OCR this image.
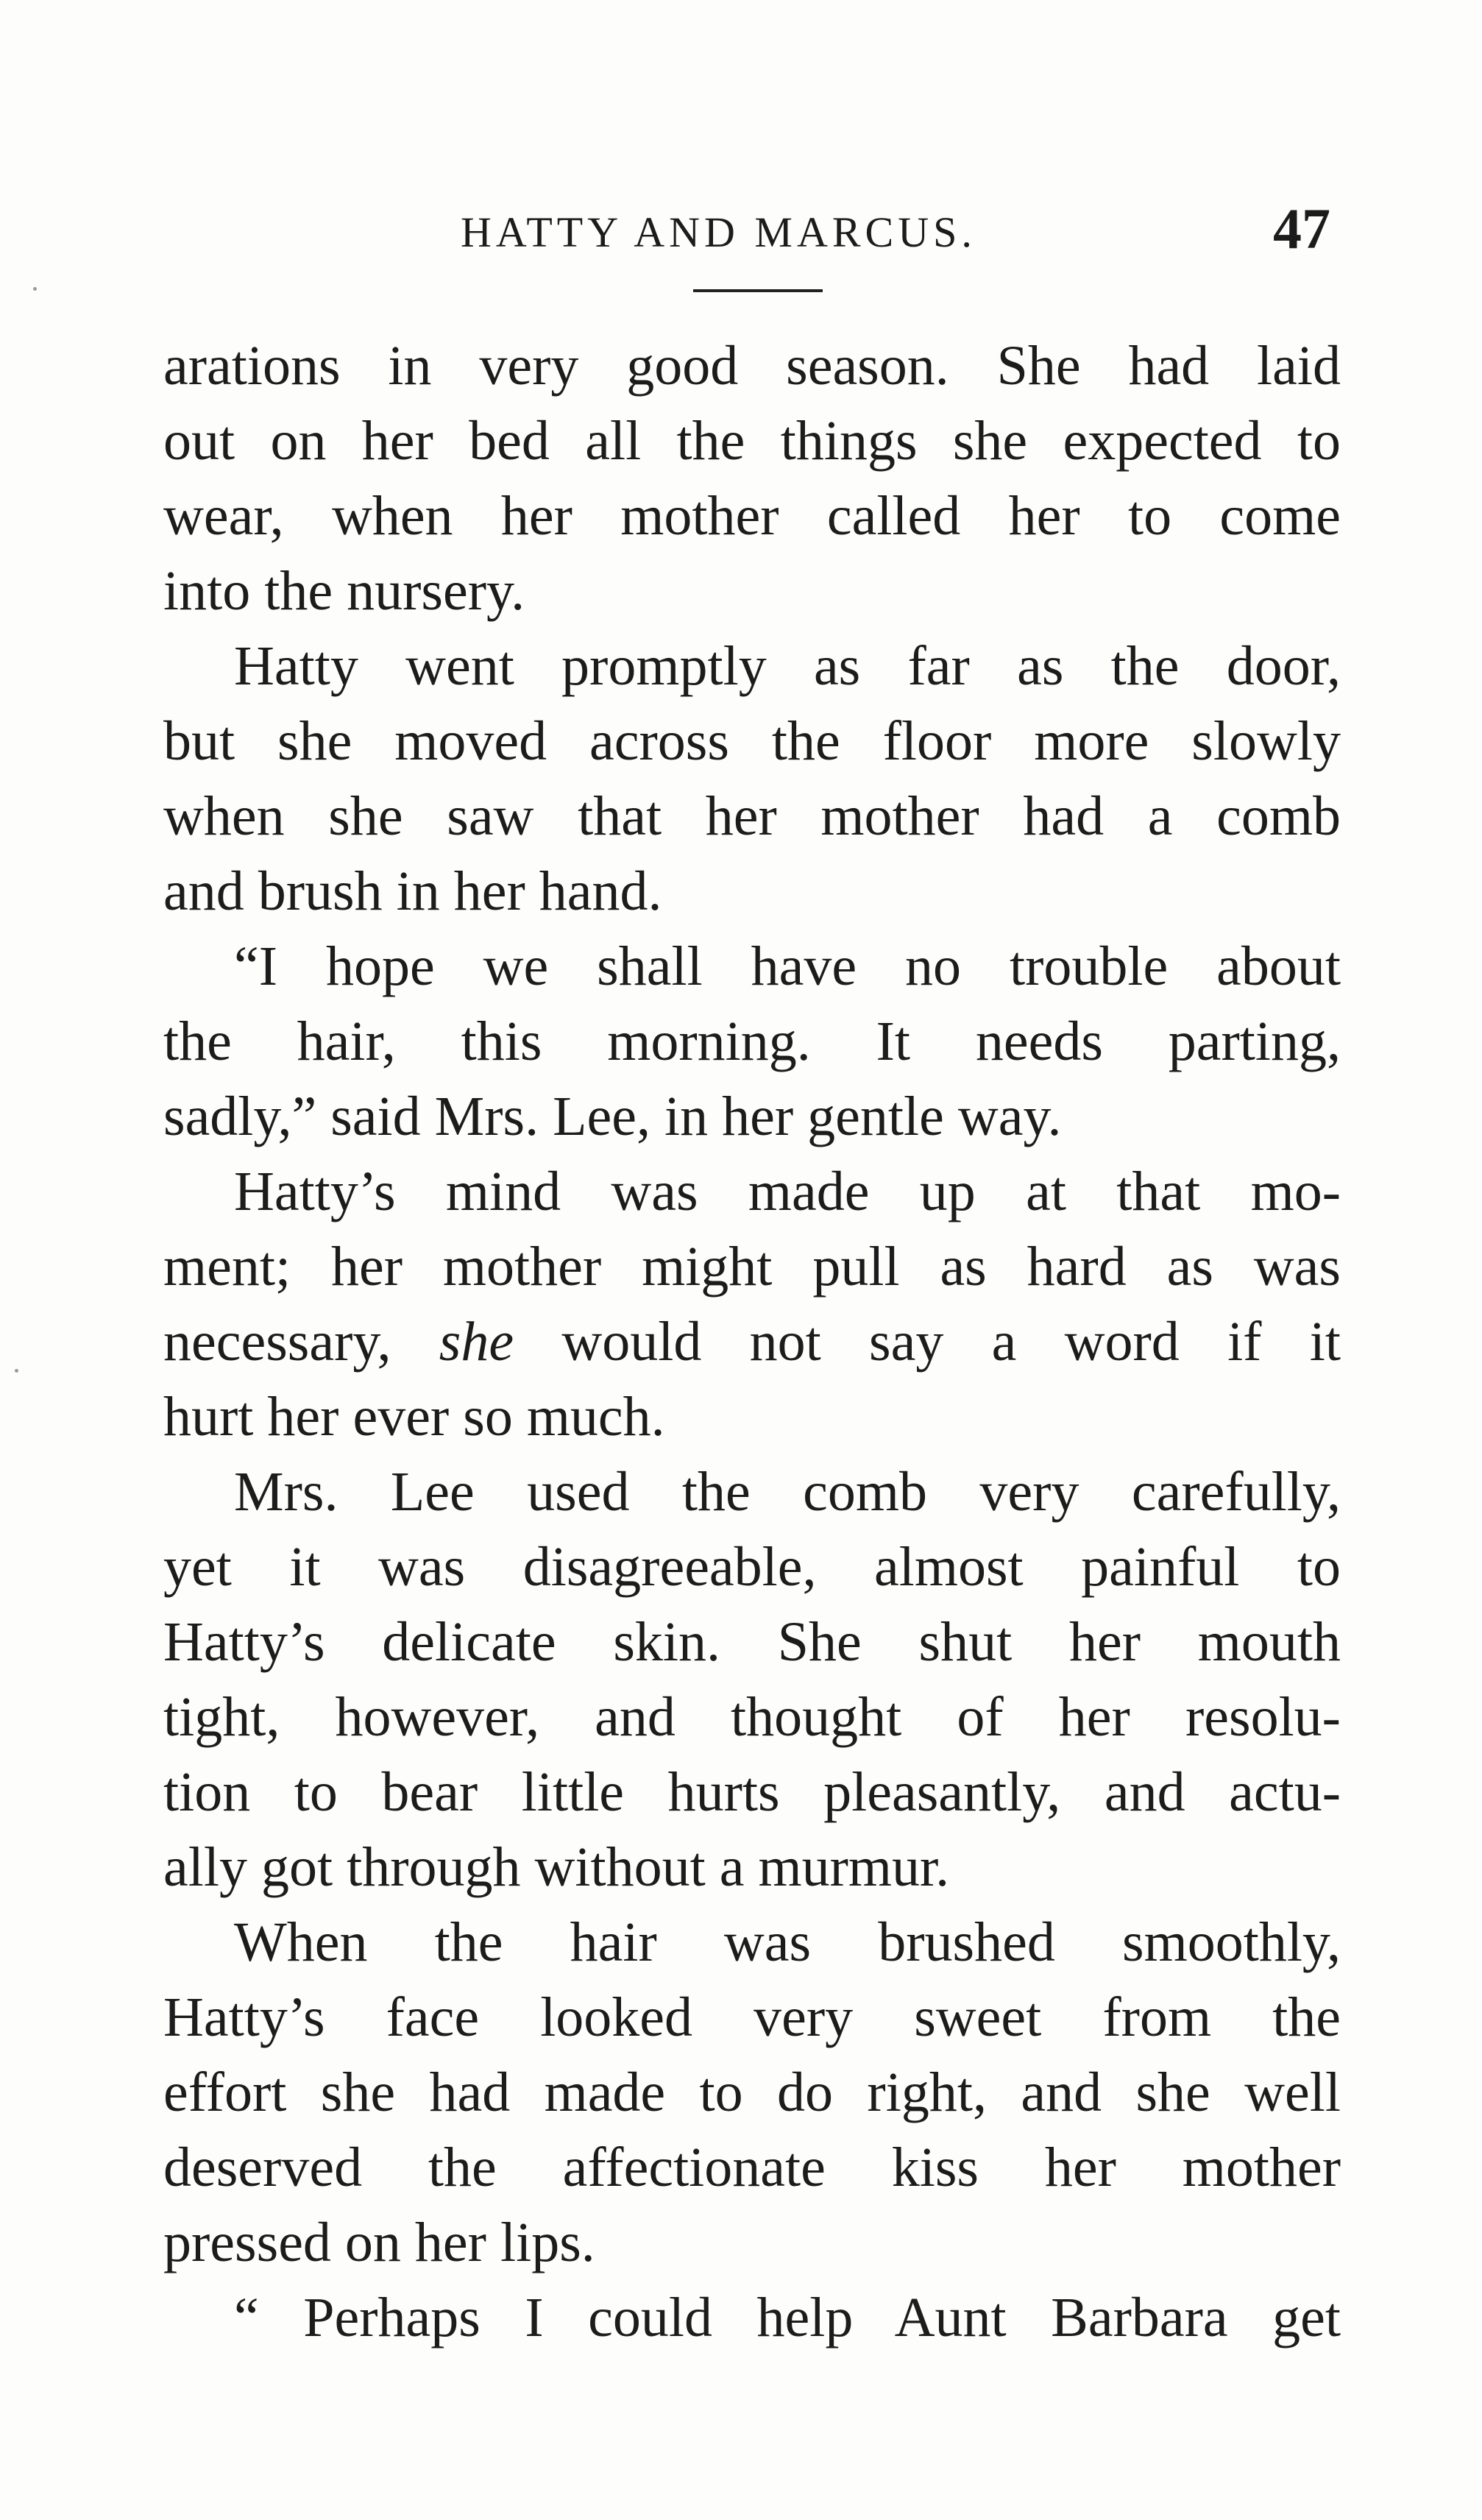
HATTY AND MARCUS.	47
arations in very good season. She had laid
out on her bed all the things she expected to
wear, when her mother called her to come
into the nursery.
Hatty went promptly as far as the door,
but she moved across the floor more slowly
when she saw that her mother had a comb
and brush in her hand.
“I hope we shall have no trouble about
the hair, this morning. It needs parting,
sadly,” said Mrs. Lee, in her gentle way.
Hatty’s mind was made up at that mo-
ment; her mother might pull as hard as was
necessary, she would not say a word if it
hurt her ever so much.
Mrs. Lee used the comb very carefully,
yet it was disagreeable, almost painful to
Hatty’s delicate skin. She shut her mouth
tight, however, and thought of her resolu-
tion to bear little hurts pleasantly, and actu-
ally got through without a murmur.
When the hair was brushed smoothly,
Hatty’s face looked very sweet from the
effort she had made to do right, and she well
deserved the affectionate kiss her mother
pressed on her lips.
“ Perhaps I could help Aunt Barbara get
